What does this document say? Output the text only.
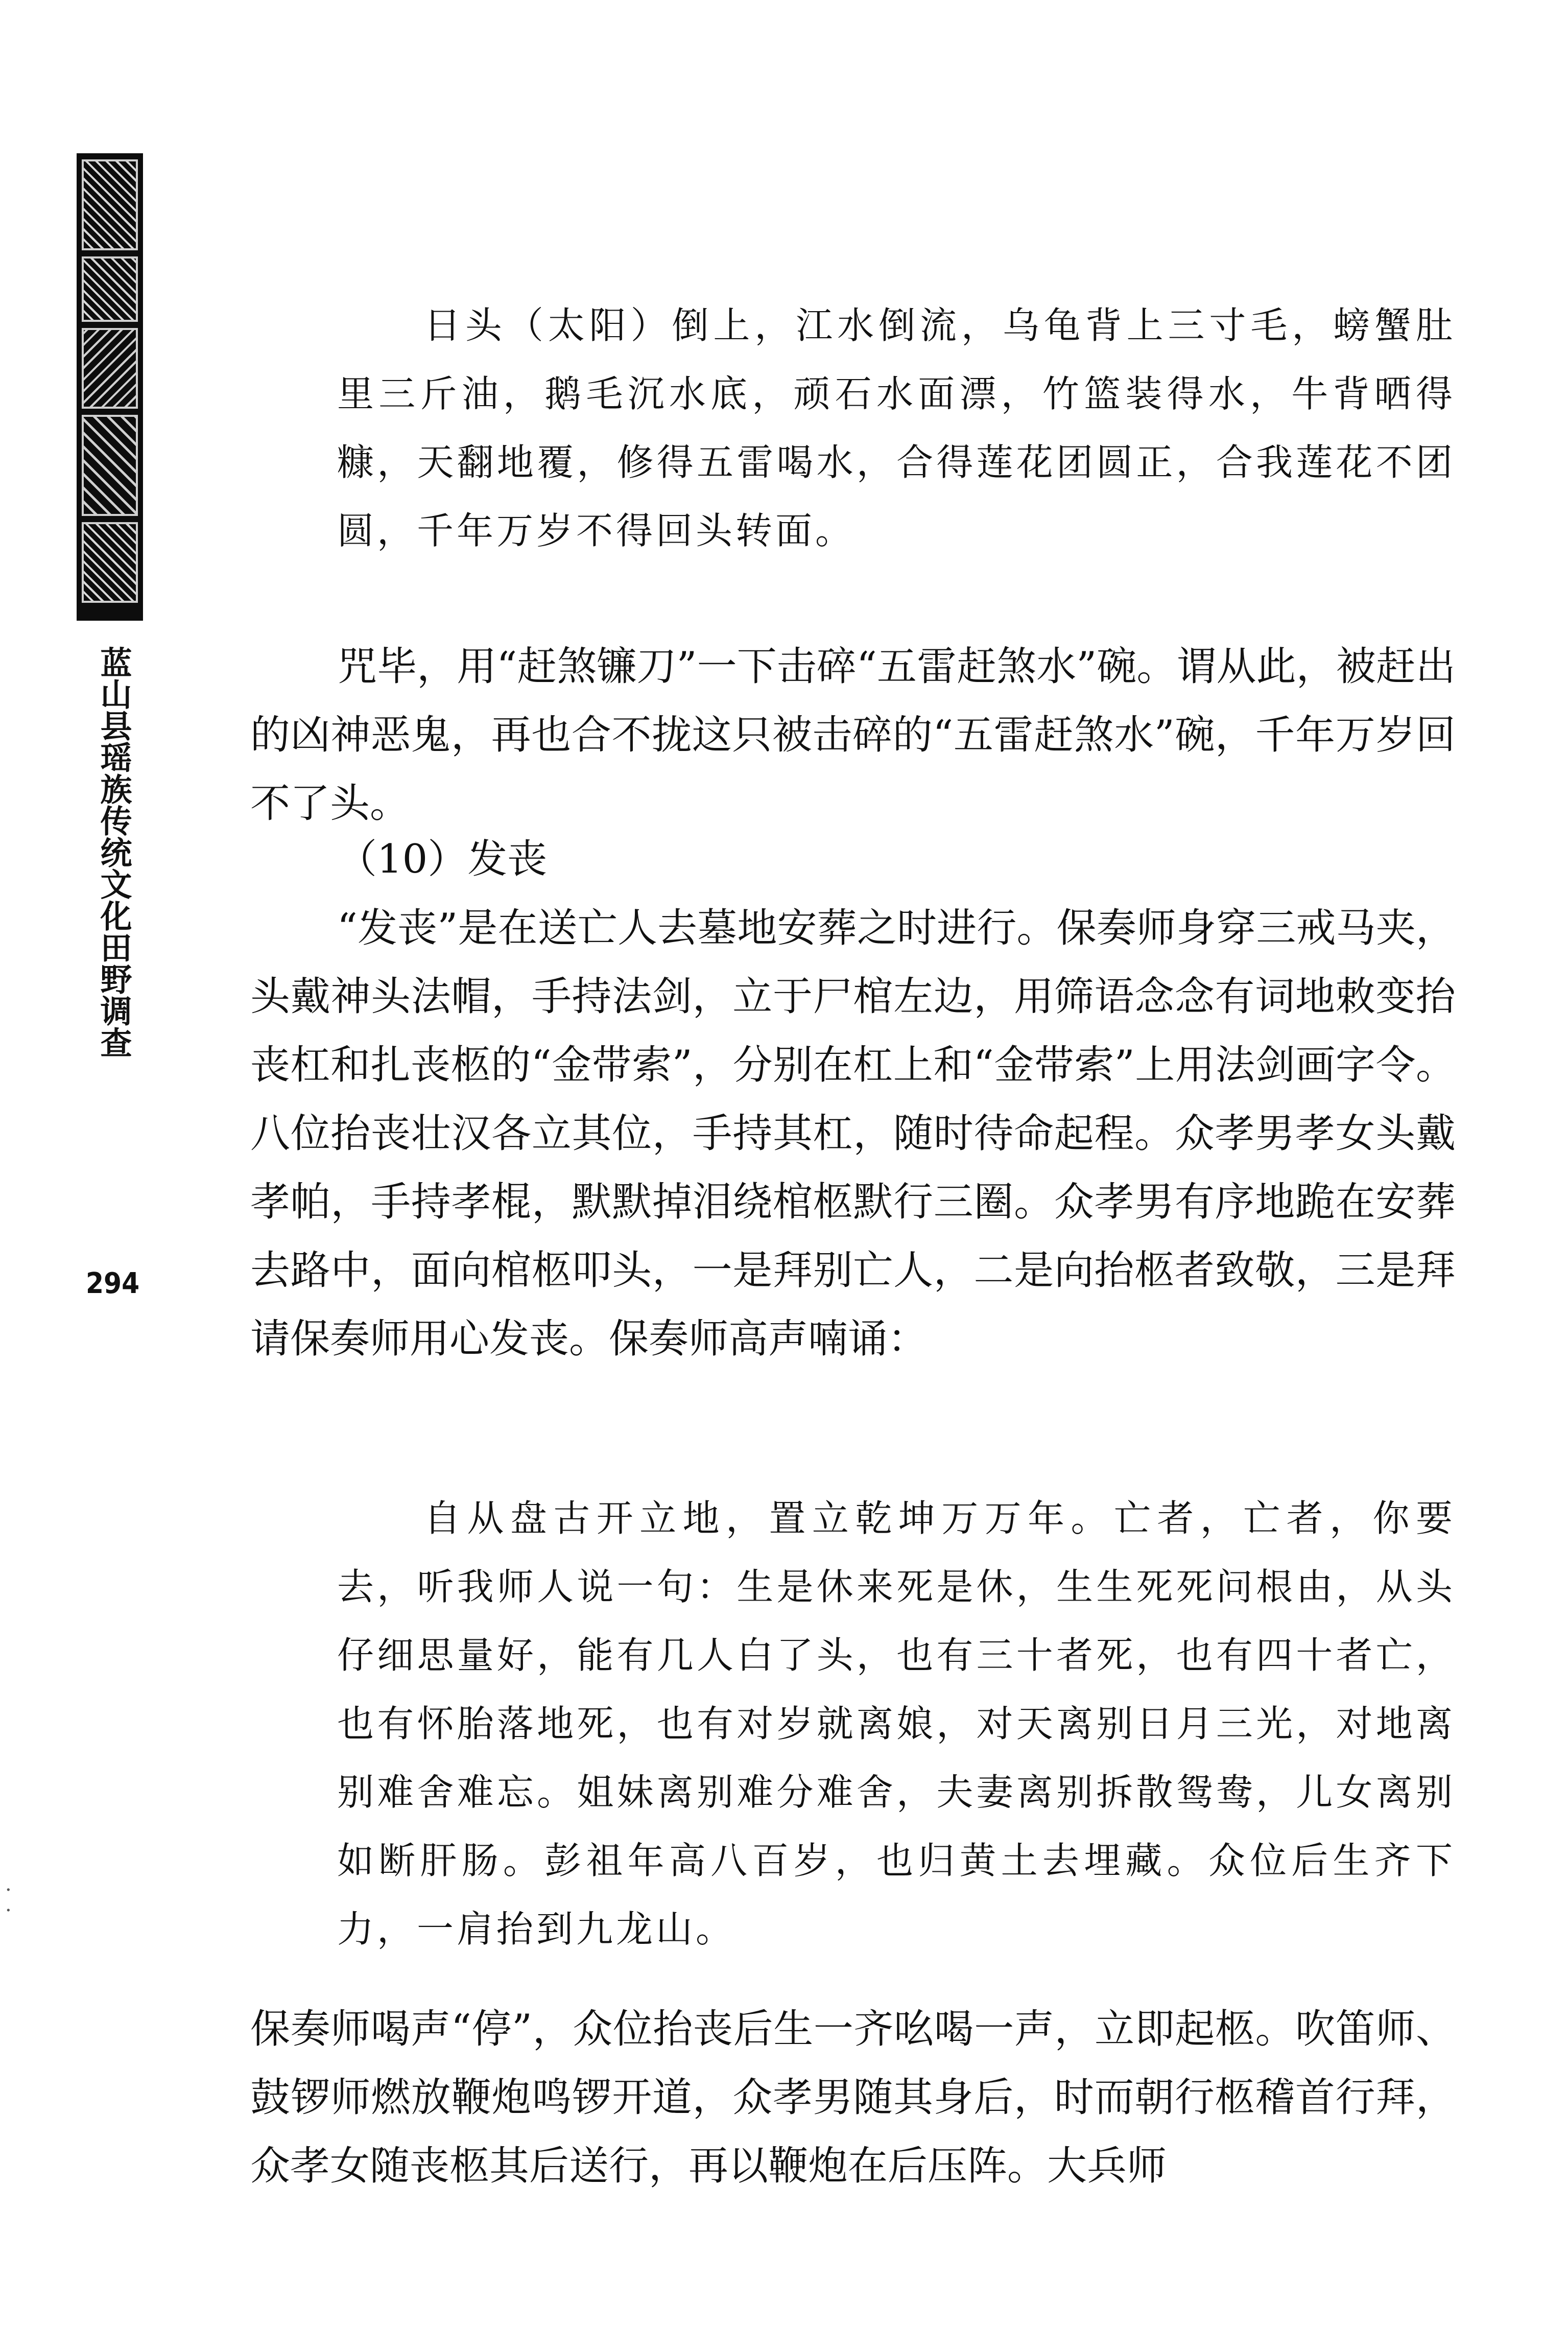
蓝山县瑶族传统文化田野调查
294
日头（太阳）倒上，江水倒流，乌龟背上三寸毛，螃蟹肚里三斤油，鹅毛沉水底，顽石水面漂，竹篮装得水，牛背晒得糠，天翻地覆，修得五雷喝水，合得莲花团圆正，合我莲花不团圆，千年万岁不得回头转面。
咒毕，用“赶煞镰刀”一下击碎“五雷赶煞水”碗。谓从此，被赶出的凶神恶鬼，再也合不拢这只被击碎的“五雷赶煞水”碗，千年万岁回不了头。
（10）发丧
“发丧”是在送亡人去墓地安葬之时进行。保奏师身穿三戒马夹，头戴神头法帽，手持法剑，立于尸棺左边，用筛语念念有词地敕变抬丧杠和扎丧柩的“金带索”，分别在杠上和“金带索”上用法剑画字令。八位抬丧壮汉各立其位，手持其杠，随时待命起程。众孝男孝女头戴孝帕，手持孝棍，默默掉泪绕棺柩默行三圈。众孝男有序地跪在安葬去路中，面向棺柩叩头，一是拜别亡人，二是向抬柩者致敬，三是拜请保奏师用心发丧。保奏师高声喃诵：
自从盘古开立地，置立乾坤万万年。亡者，亡者，你要去，听我师人说一句：生是休来死是休，生生死死问根由，从头仔细思量好，能有几人白了头，也有三十者死，也有四十者亡，也有怀胎落地死，也有对岁就离娘，对天离别日月三光，对地离别难舍难忘。姐妹离别难分难舍，夫妻离别拆散鸳鸯，儿女离别如断肝肠。彭祖年高八百岁，也归黄土去埋藏。众位后生齐下力，一肩抬到九龙山。
保奏师喝声“停”，众位抬丧后生一齐吆喝一声，立即起柩。吹笛师、鼓锣师燃放鞭炮鸣锣开道，众孝男随其身后，时而朝行柩稽首行拜，众孝女随丧柩其后送行，再以鞭炮在后压阵。大兵师
·
·
